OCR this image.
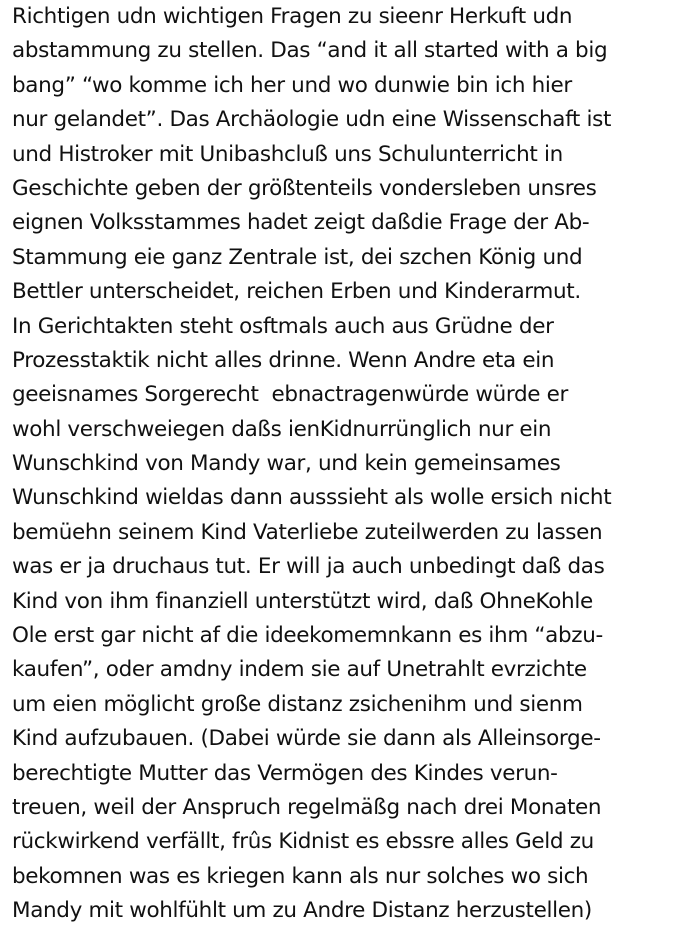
Richtigen udn wichtigen Fragen zu sieenr Herkuft udn
abstammung zu stellen. Das “and it all started with a big
bang” “wo komme ich her und wo dunwie bin ich hier
nur gelandet”. Das Archäologie udn eine Wissenschaft ist
und Histroker mit Unibashcluß uns Schulunterricht in
Geschichte geben der größtenteils vondersleben unsres
eignen Volksstammes hadet zeigt daßdie Frage der Ab-
Stammung eie ganz Zentrale ist, dei szchen König und
Bettler unterscheidet, reichen Erben und Kinderarmut.
In Gerichtakten steht osftmals auch aus Grüdne der
Prozesstaktik nicht alles drinne. Wenn Andre eta ein
geeisnames Sorgerecht  ebnactragenwürde würde er
wohl verschweiegen daßs ienKidnurrünglich nur ein
Wunschkind von Mandy war, und kein gemeinsames
Wunschkind wieldas dann ausssieht als wolle ersich nicht
bemüehn seinem Kind Vaterliebe zuteilwerden zu lassen
was er ja druchaus tut. Er will ja auch unbedingt daß das
Kind von ihm finanziell unterstützt wird, daß OhneKohle
Ole erst gar nicht af die ideekomemnkann es ihm “abzu-
kaufen”, oder amdny indem sie auf Unetrahlt evrzichte
um eien möglicht große distanz zsichenihm und sienm
Kind aufzubauen. (Dabei würde sie dann als Alleinsorge-
berechtigte Mutter das Vermögen des Kindes verun-
treuen, weil der Anspruch regelmäßg nach drei Monaten
rückwirkend verfällt, frûs Kidnist es ebssre alles Geld zu
bekomnen was es kriegen kann als nur solches wo sich
Mandy mit wohlfühlt um zu Andre Distanz herzustellen)
